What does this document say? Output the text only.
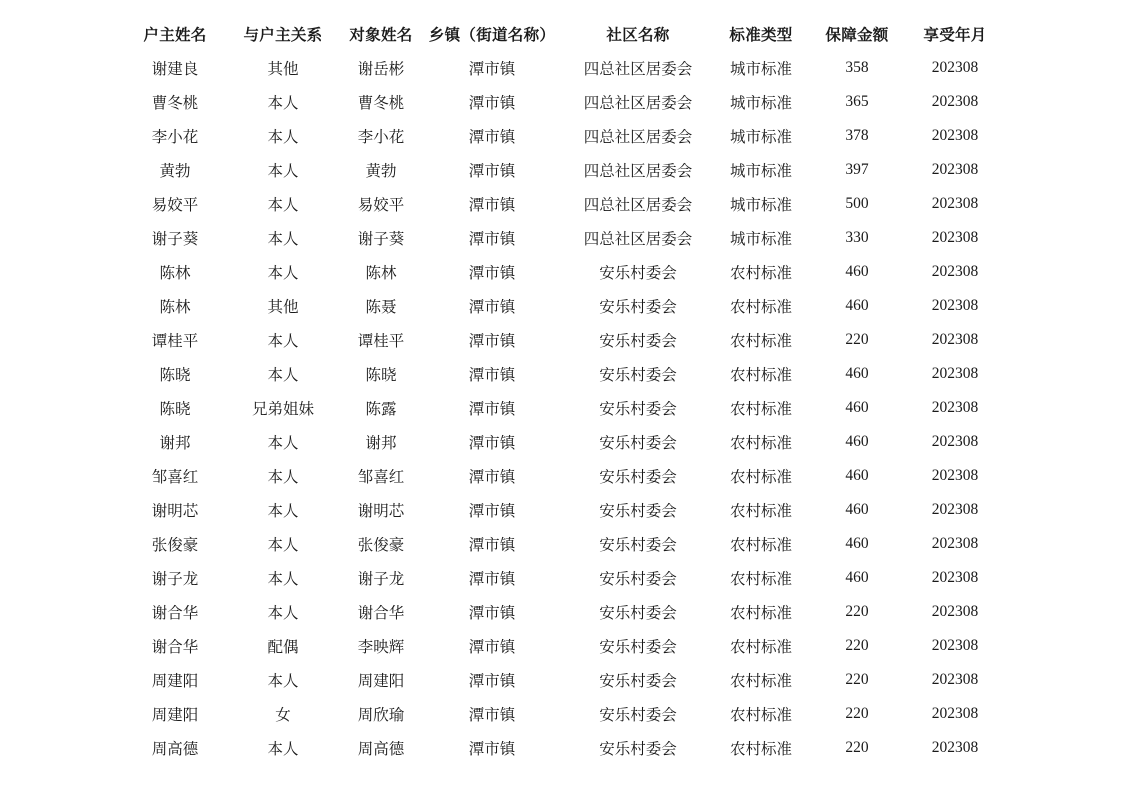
户主姓名	与户主关系	对象姓名	乡镇（街道名称）	社区名称	标准类型	保障金额	享受年月
谢建良	其他	谢岳彬	潭市镇	四总社区居委会	城市标准	358	202308
曹冬桃	本人	曹冬桃	潭市镇	四总社区居委会	城市标准	365	202308
李小花	本人	李小花	潭市镇	四总社区居委会	城市标准	378	202308
黄勃	本人	黄勃	潭市镇	四总社区居委会	城市标准	397	202308
易姣平	本人	易姣平	潭市镇	四总社区居委会	城市标准	500	202308
谢子葵	本人	谢子葵	潭市镇	四总社区居委会	城市标准	330	202308
陈林	本人	陈林	潭市镇	安乐村委会	农村标准	460	202308
陈林	其他	陈聂	潭市镇	安乐村委会	农村标准	460	202308
谭桂平	本人	谭桂平	潭市镇	安乐村委会	农村标准	220	202308
陈晓	本人	陈晓	潭市镇	安乐村委会	农村标准	460	202308
陈晓	兄弟姐妹	陈露	潭市镇	安乐村委会	农村标准	460	202308
谢邦	本人	谢邦	潭市镇	安乐村委会	农村标准	460	202308
邹喜红	本人	邹喜红	潭市镇	安乐村委会	农村标准	460	202308
谢明芯	本人	谢明芯	潭市镇	安乐村委会	农村标准	460	202308
张俊豪	本人	张俊豪	潭市镇	安乐村委会	农村标准	460	202308
谢子龙	本人	谢子龙	潭市镇	安乐村委会	农村标准	460	202308
谢合华	本人	谢合华	潭市镇	安乐村委会	农村标准	220	202308
谢合华	配偶	李映辉	潭市镇	安乐村委会	农村标准	220	202308
周建阳	本人	周建阳	潭市镇	安乐村委会	农村标准	220	202308
周建阳	女	周欣瑜	潭市镇	安乐村委会	农村标准	220	202308
周高德	本人	周高德	潭市镇	安乐村委会	农村标准	220	202308
